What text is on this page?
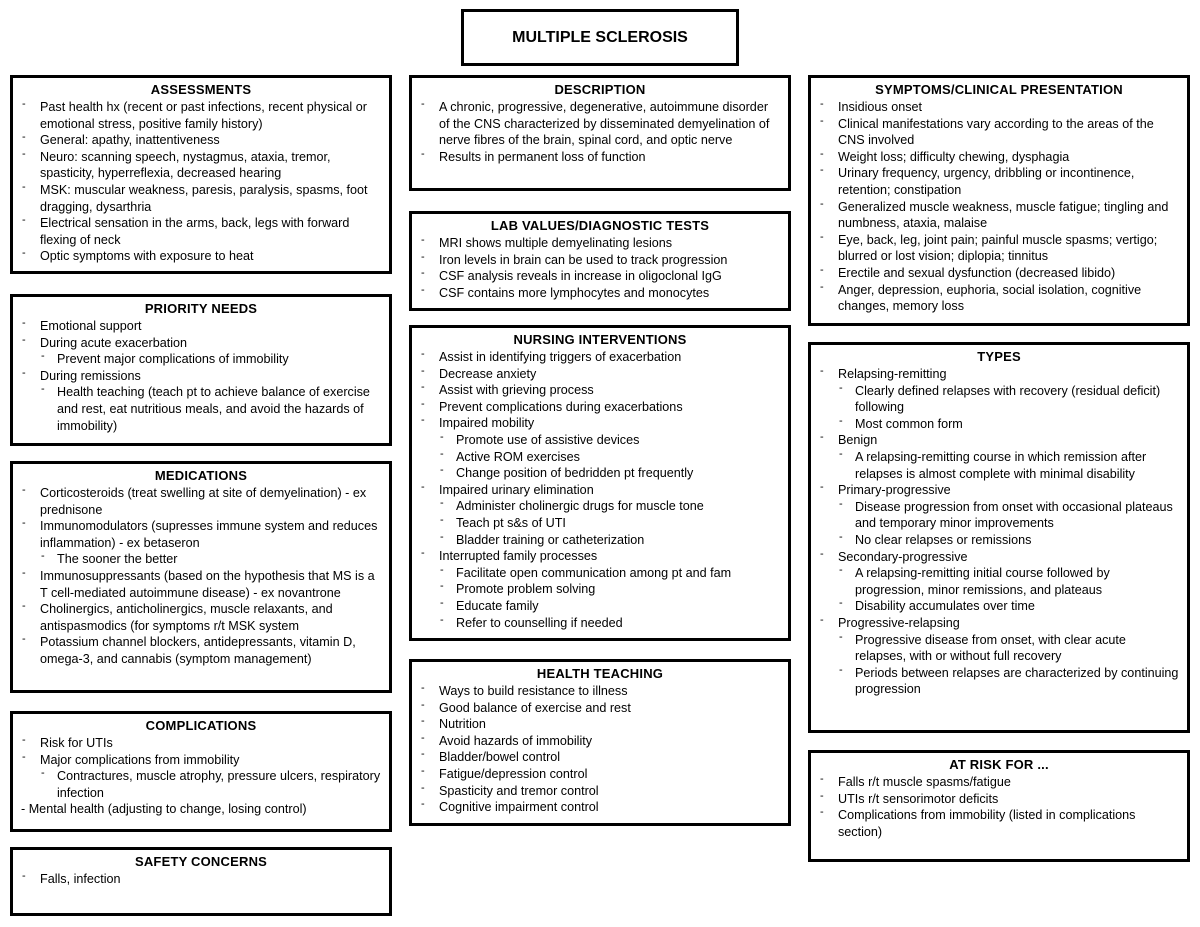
MULTIPLE SCLEROSIS
ASSESSMENTS
- Past health hx (recent or past infections, recent physical or emotional stress, positive family history)
- General: apathy, inattentiveness
- Neuro: scanning speech, nystagmus, ataxia, tremor, spasticity, hyperreflexia, decreased hearing
- MSK: muscular weakness, paresis, paralysis, spasms, foot dragging, dysarthria
- Electrical sensation in the arms, back, legs with forward flexing of neck
- Optic symptoms with exposure to heat
PRIORITY NEEDS
- Emotional support
- During acute exacerbation
- Prevent major complications of immobility
- During remissions
- Health teaching (teach pt to achieve balance of exercise and rest, eat nutritious meals, and avoid the hazards of immobility)
MEDICATIONS
- Corticosteroids (treat swelling at site of demyelination) - ex prednisone
- Immunomodulators (supresses immune system and reduces inflammation) - ex betaseron
- The sooner the better
- Immunosuppressants (based on the hypothesis that MS is a T cell-mediated autoimmune disease) - ex novantrone
- Cholinergics, anticholinergics, muscle relaxants, and antispasmodics (for symptoms r/t MSK system
- Potassium channel blockers, antidepressants, vitamin D, omega-3, and cannabis (symptom management)
COMPLICATIONS
- Risk for UTIs
- Major complications from immobility
- Contractures, muscle atrophy, pressure ulcers, respiratory infection
- Mental health (adjusting to change, losing control)
SAFETY CONCERNS
- Falls, infection
DESCRIPTION
- A chronic, progressive, degenerative, autoimmune disorder of the CNS characterized by disseminated demyelination of nerve fibres of the brain, spinal cord, and optic nerve
- Results in permanent loss of function
LAB VALUES/DIAGNOSTIC TESTS
- MRI shows multiple demyelinating lesions
- Iron levels in brain can be used to track progression
- CSF analysis reveals in increase in oligoclonal IgG
- CSF contains more lymphocytes and monocytes
NURSING INTERVENTIONS
- Assist in identifying triggers of exacerbation
- Decrease anxiety
- Assist with grieving process
- Prevent complications during exacerbations
- Impaired mobility
- Promote use of assistive devices
- Active ROM exercises
- Change position of bedridden pt frequently
- Impaired urinary elimination
- Administer cholinergic drugs for muscle tone
- Teach pt s&s of UTI
- Bladder training or catheterization
- Interrupted family processes
- Facilitate open communication among pt and fam
- Promote problem solving
- Educate family
- Refer to counselling if needed
HEALTH TEACHING
- Ways to build resistance to illness
- Good balance of exercise and rest
- Nutrition
- Avoid hazards of immobility
- Bladder/bowel control
- Fatigue/depression control
- Spasticity and tremor control
- Cognitive impairment control
SYMPTOMS/CLINICAL PRESENTATION
- Insidious onset
- Clinical manifestations vary according to the areas of the CNS involved
- Weight loss; difficulty chewing, dysphagia
- Urinary frequency, urgency, dribbling or incontinence, retention; constipation
- Generalized muscle weakness, muscle fatigue; tingling and numbness, ataxia, malaise
- Eye, back, leg, joint pain; painful muscle spasms; vertigo; blurred or lost vision; diplopia; tinnitus
- Erectile and sexual dysfunction (decreased libido)
- Anger, depression, euphoria, social isolation, cognitive changes, memory loss
TYPES
- Relapsing-remitting
- Clearly defined relapses with recovery (residual deficit) following
- Most common form
- Benign
- A relapsing-remitting course in which remission after relapses is almost complete with minimal disability
- Primary-progressive
- Disease progression from onset with occasional plateaus and temporary minor improvements
- No clear relapses or remissions
- Secondary-progressive
- A relapsing-remitting initial course followed by progression, minor remissions, and plateaus
- Disability accumulates over time
- Progressive-relapsing
- Progressive disease from onset, with clear acute relapses, with or without full recovery
- Periods between relapses are characterized by continuing progression
AT RISK FOR ...
- Falls r/t muscle spasms/fatigue
- UTIs r/t sensorimotor deficits
- Complications from immobility (listed in complications section)
